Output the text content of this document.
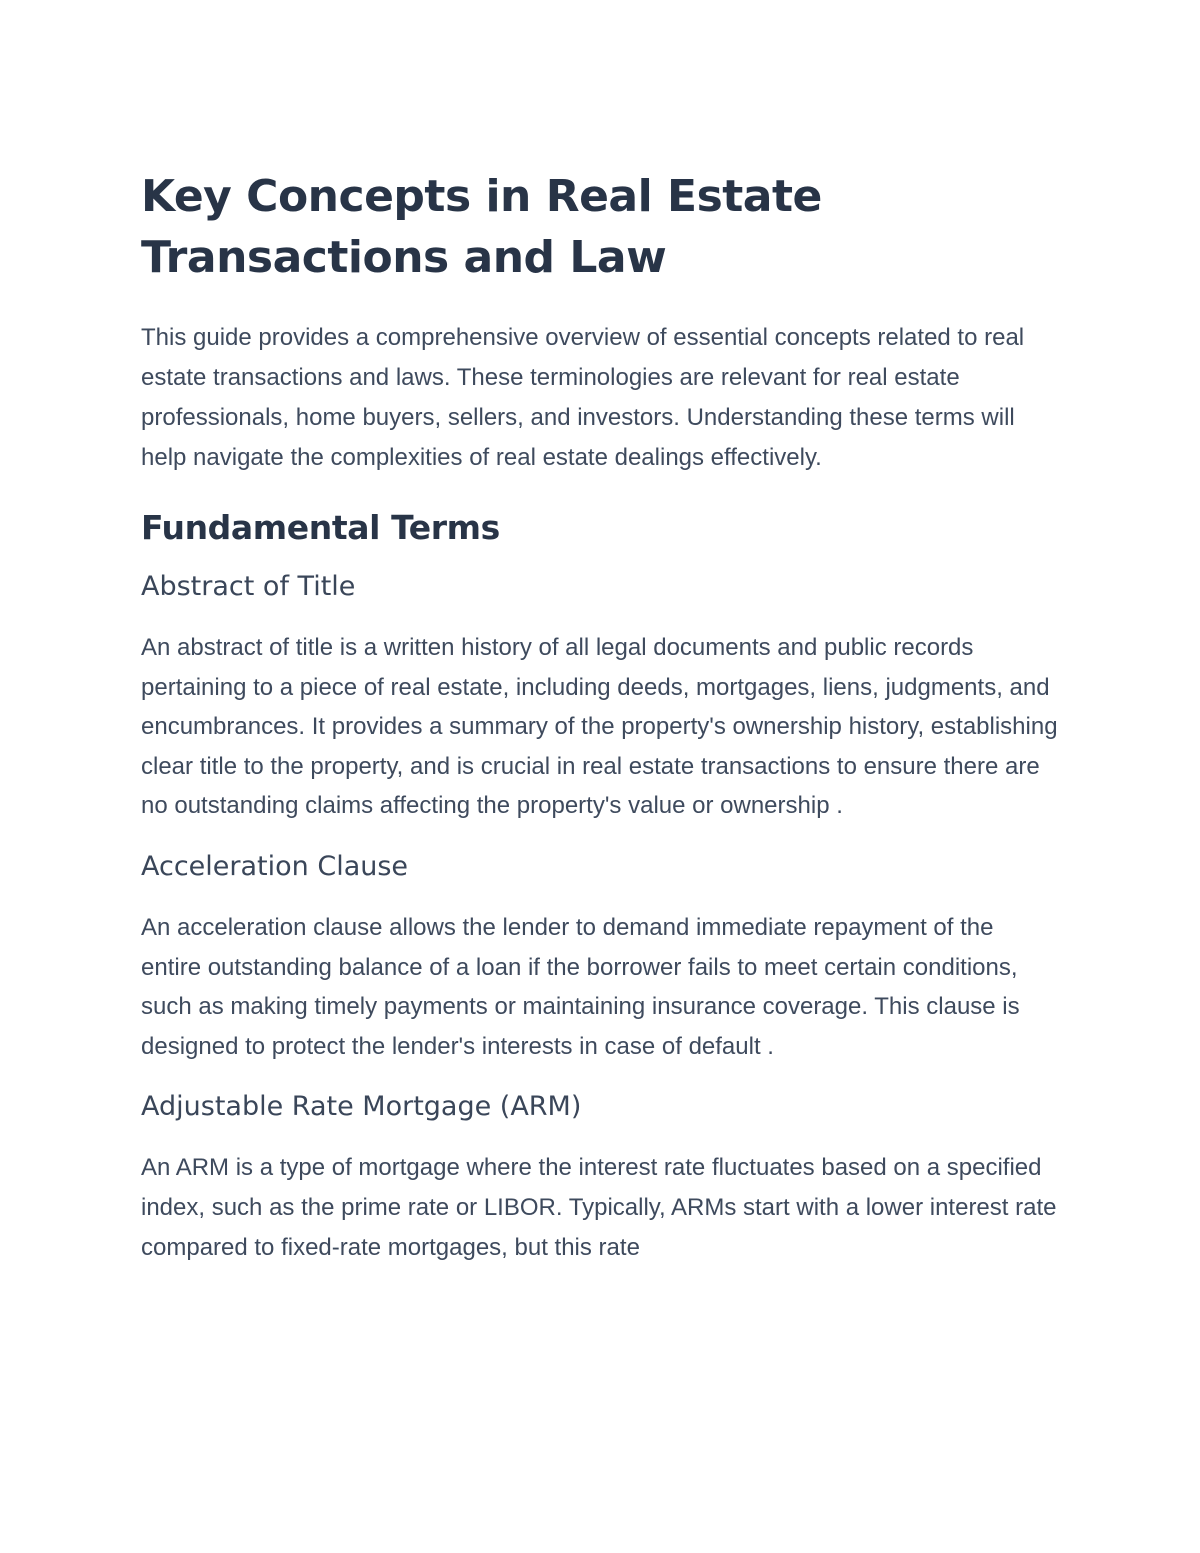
Key Concepts in Real Estate Transactions and Law

This guide provides a comprehensive overview of essential concepts related to real estate transactions and laws. These terminologies are relevant for real estate professionals, home buyers, sellers, and investors. Understanding these terms will help navigate the complexities of real estate dealings effectively.

Fundamental Terms
Abstract of Title

An abstract of title is a written history of all legal documents and public records pertaining to a piece of real estate, including deeds, mortgages, liens, judgments, and encumbrances. It provides a summary of the property's ownership history, establishing clear title to the property, and is crucial in real estate transactions to ensure there are no outstanding claims affecting the property's value or ownership .

Acceleration Clause

An acceleration clause allows the lender to demand immediate repayment of the entire outstanding balance of a loan if the borrower fails to meet certain conditions, such as making timely payments or maintaining insurance coverage. This clause is designed to protect the lender's interests in case of default .

Adjustable Rate Mortgage (ARM)

An ARM is a type of mortgage where the interest rate fluctuates based on a specified index, such as the prime rate or LIBOR. Typically, ARMs start with a lower interest rate compared to fixed-rate mortgages, but this rate
